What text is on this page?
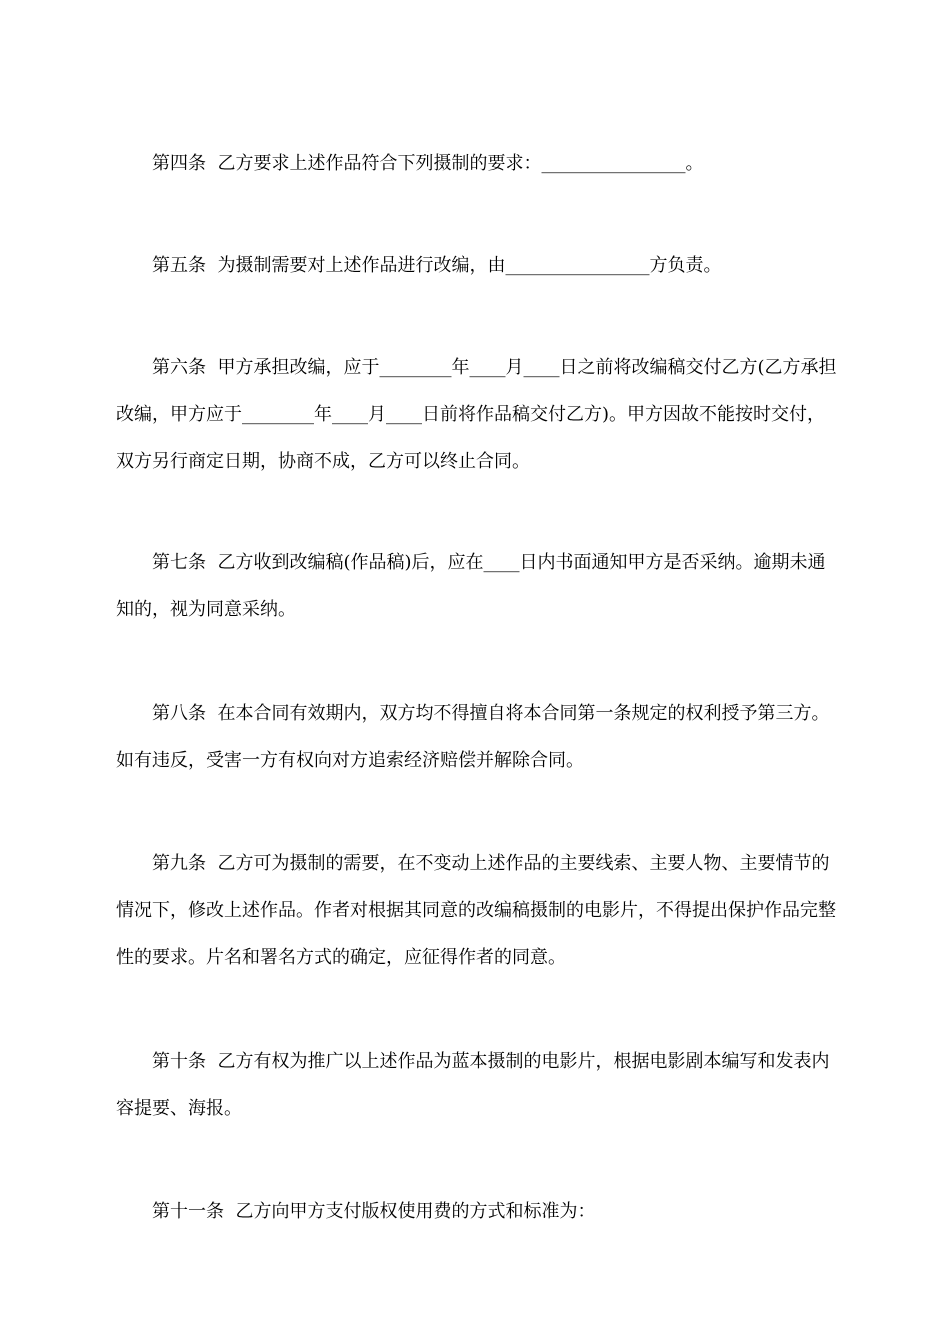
第四条  乙方要求上述作品符合下列摄制的要求：________________。

第五条  为摄制需要对上述作品进行改编，由________________方负责。

第六条  甲方承担改编，应于________年____月____日之前将改编稿交付乙方(乙方承担改编，甲方应于________年____月____日前将作品稿交付乙方)。甲方因故不能按时交付，双方另行商定日期，协商不成，乙方可以终止合同。

第七条  乙方收到改编稿(作品稿)后，应在____日内书面通知甲方是否采纳。逾期未通知的，视为同意采纳。

第八条  在本合同有效期内，双方均不得擅自将本合同第一条规定的权利授予第三方。如有违反，受害一方有权向对方追索经济赔偿并解除合同。

第九条  乙方可为摄制的需要，在不变动上述作品的主要线索、主要人物、主要情节的情况下，修改上述作品。作者对根据其同意的改编稿摄制的电影片，不得提出保护作品完整性的要求。片名和署名方式的确定，应征得作者的同意。

第十条  乙方有权为推广以上述作品为蓝本摄制的电影片，根据电影剧本编写和发表内容提要、海报。

第十一条  乙方向甲方支付版权使用费的方式和标准为：
